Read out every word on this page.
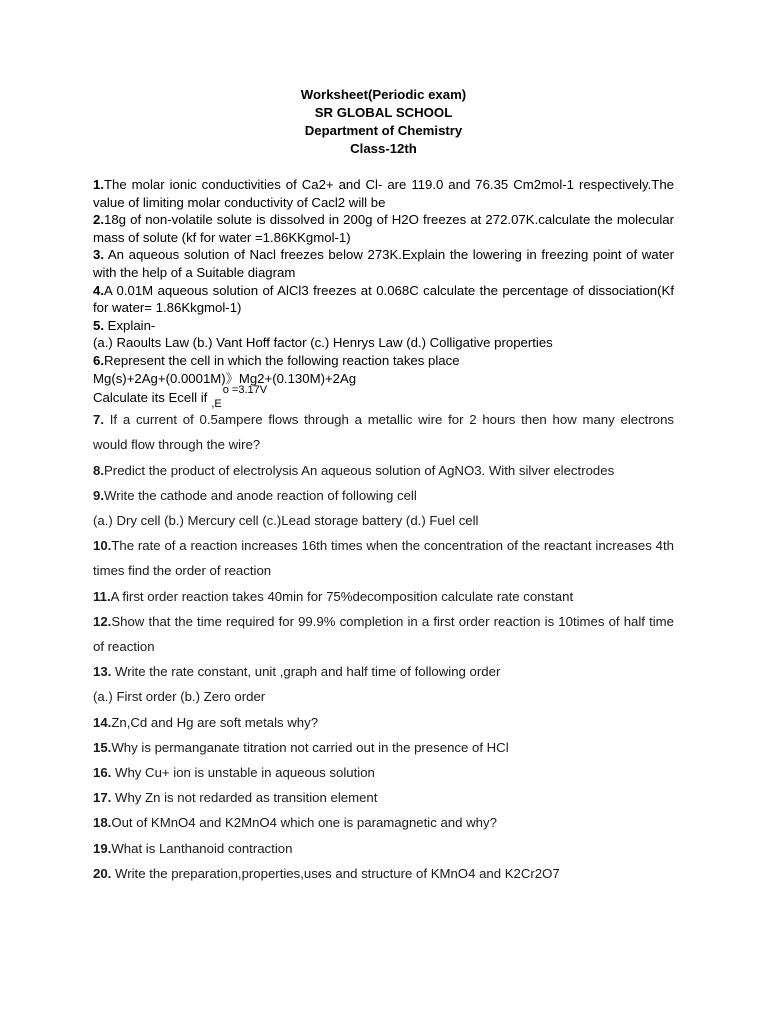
Worksheet(Periodic exam)
SR GLOBAL SCHOOL
Department of Chemistry
Class-12th

1.The molar ionic conductivities of Ca2+ and Cl- are 119.0 and 76.35 Cm2mol-1 respectively.The value of limiting molar conductivity of Cacl2 will be

2.18g of non-volatile solute is dissolved in 200g of H2O freezes at 272.07K.calculate the molecular mass of solute (kf for water =1.86KKgmol-1)

3. An aqueous solution of Nacl freezes below 273K.Explain the lowering in freezing point of water with the help of a Suitable diagram

4.A 0.01M aqueous solution of AlCl3 freezes at 0.068C calculate the percentage of dissociation(Kf for water= 1.86Kkgmol-1)

5. Explain-

(a.) Raoults Law (b.) Vant Hoff factor (c.) Henrys Law (d.) Colligative properties

6.Represent the cell in which the following reaction takes place

Mg(s)+2Ag+(0.0001M)》Mg2+(0.130M)+2Ag

Calculate its Ecell if $_{,E}^{o =3.17V}$

7. If a current of 0.5ampere flows through a metallic wire for 2 hours then how many electrons would flow through the wire?

8.Predict the product of electrolysis An aqueous solution of AgNO3. With silver electrodes

9.Write the cathode and anode reaction of following cell

(a.) Dry cell (b.) Mercury cell (c.)Lead storage battery (d.) Fuel cell

10.The rate of a reaction increases 16th times when the concentration of the reactant increases 4th times find the order of reaction

11.A first order reaction takes 40min for 75%decomposition calculate rate constant

12.Show that the time required for 99.9% completion in a first order reaction is 10times of half time of reaction

13. Write the rate constant, unit ,graph and half time of following order

(a.) First order (b.) Zero order

14.Zn,Cd and Hg are soft metals why?

15.Why is permanganate titration not carried out in the presence of HCl

16. Why Cu+ ion is unstable in aqueous solution

17. Why Zn is not redarded as transition element

18.Out of KMnO4 and K2MnO4 which one is paramagnetic and why?

19.What is Lanthanoid contraction

20. Write the preparation,properties,uses and structure of KMnO4 and K2Cr2O7
